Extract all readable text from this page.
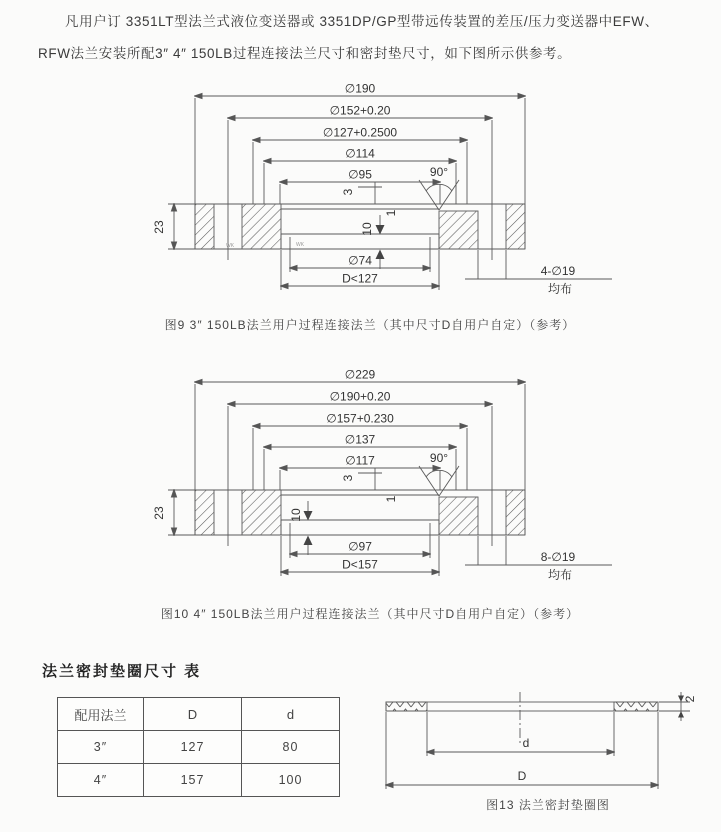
凡用户订 3351LT型法兰式液位变送器或 3351DP/GP型带远传装置的差压/压力变送器中EFW、
RFW法兰安装所配3″ 4″ 150LB过程连接法兰尺寸和密封垫尺寸，如下图所示供参考。
∅190
∅152+0.20
∅127+0.2500
∅114
∅95	90°
3
1
10
∅74
D<127
23
4-∅19
均布
WK	WK
图9 3″ 150LB法兰用户过程连接法兰（其中尺寸D自用户自定）（参考）
∅229
∅190+0.20
∅157+0.230
∅137
∅117	90°
3
1
10
∅97
D<157
23
8-∅19
均布
图10 4″ 150LB法兰用户过程连接法兰（其中尺寸D自用户自定）（参考）
法兰密封垫圈尺寸 表
配用法兰	D	d
3″	127	80
4″	157	100
d
D
2
图13 法兰密封垫圈图
